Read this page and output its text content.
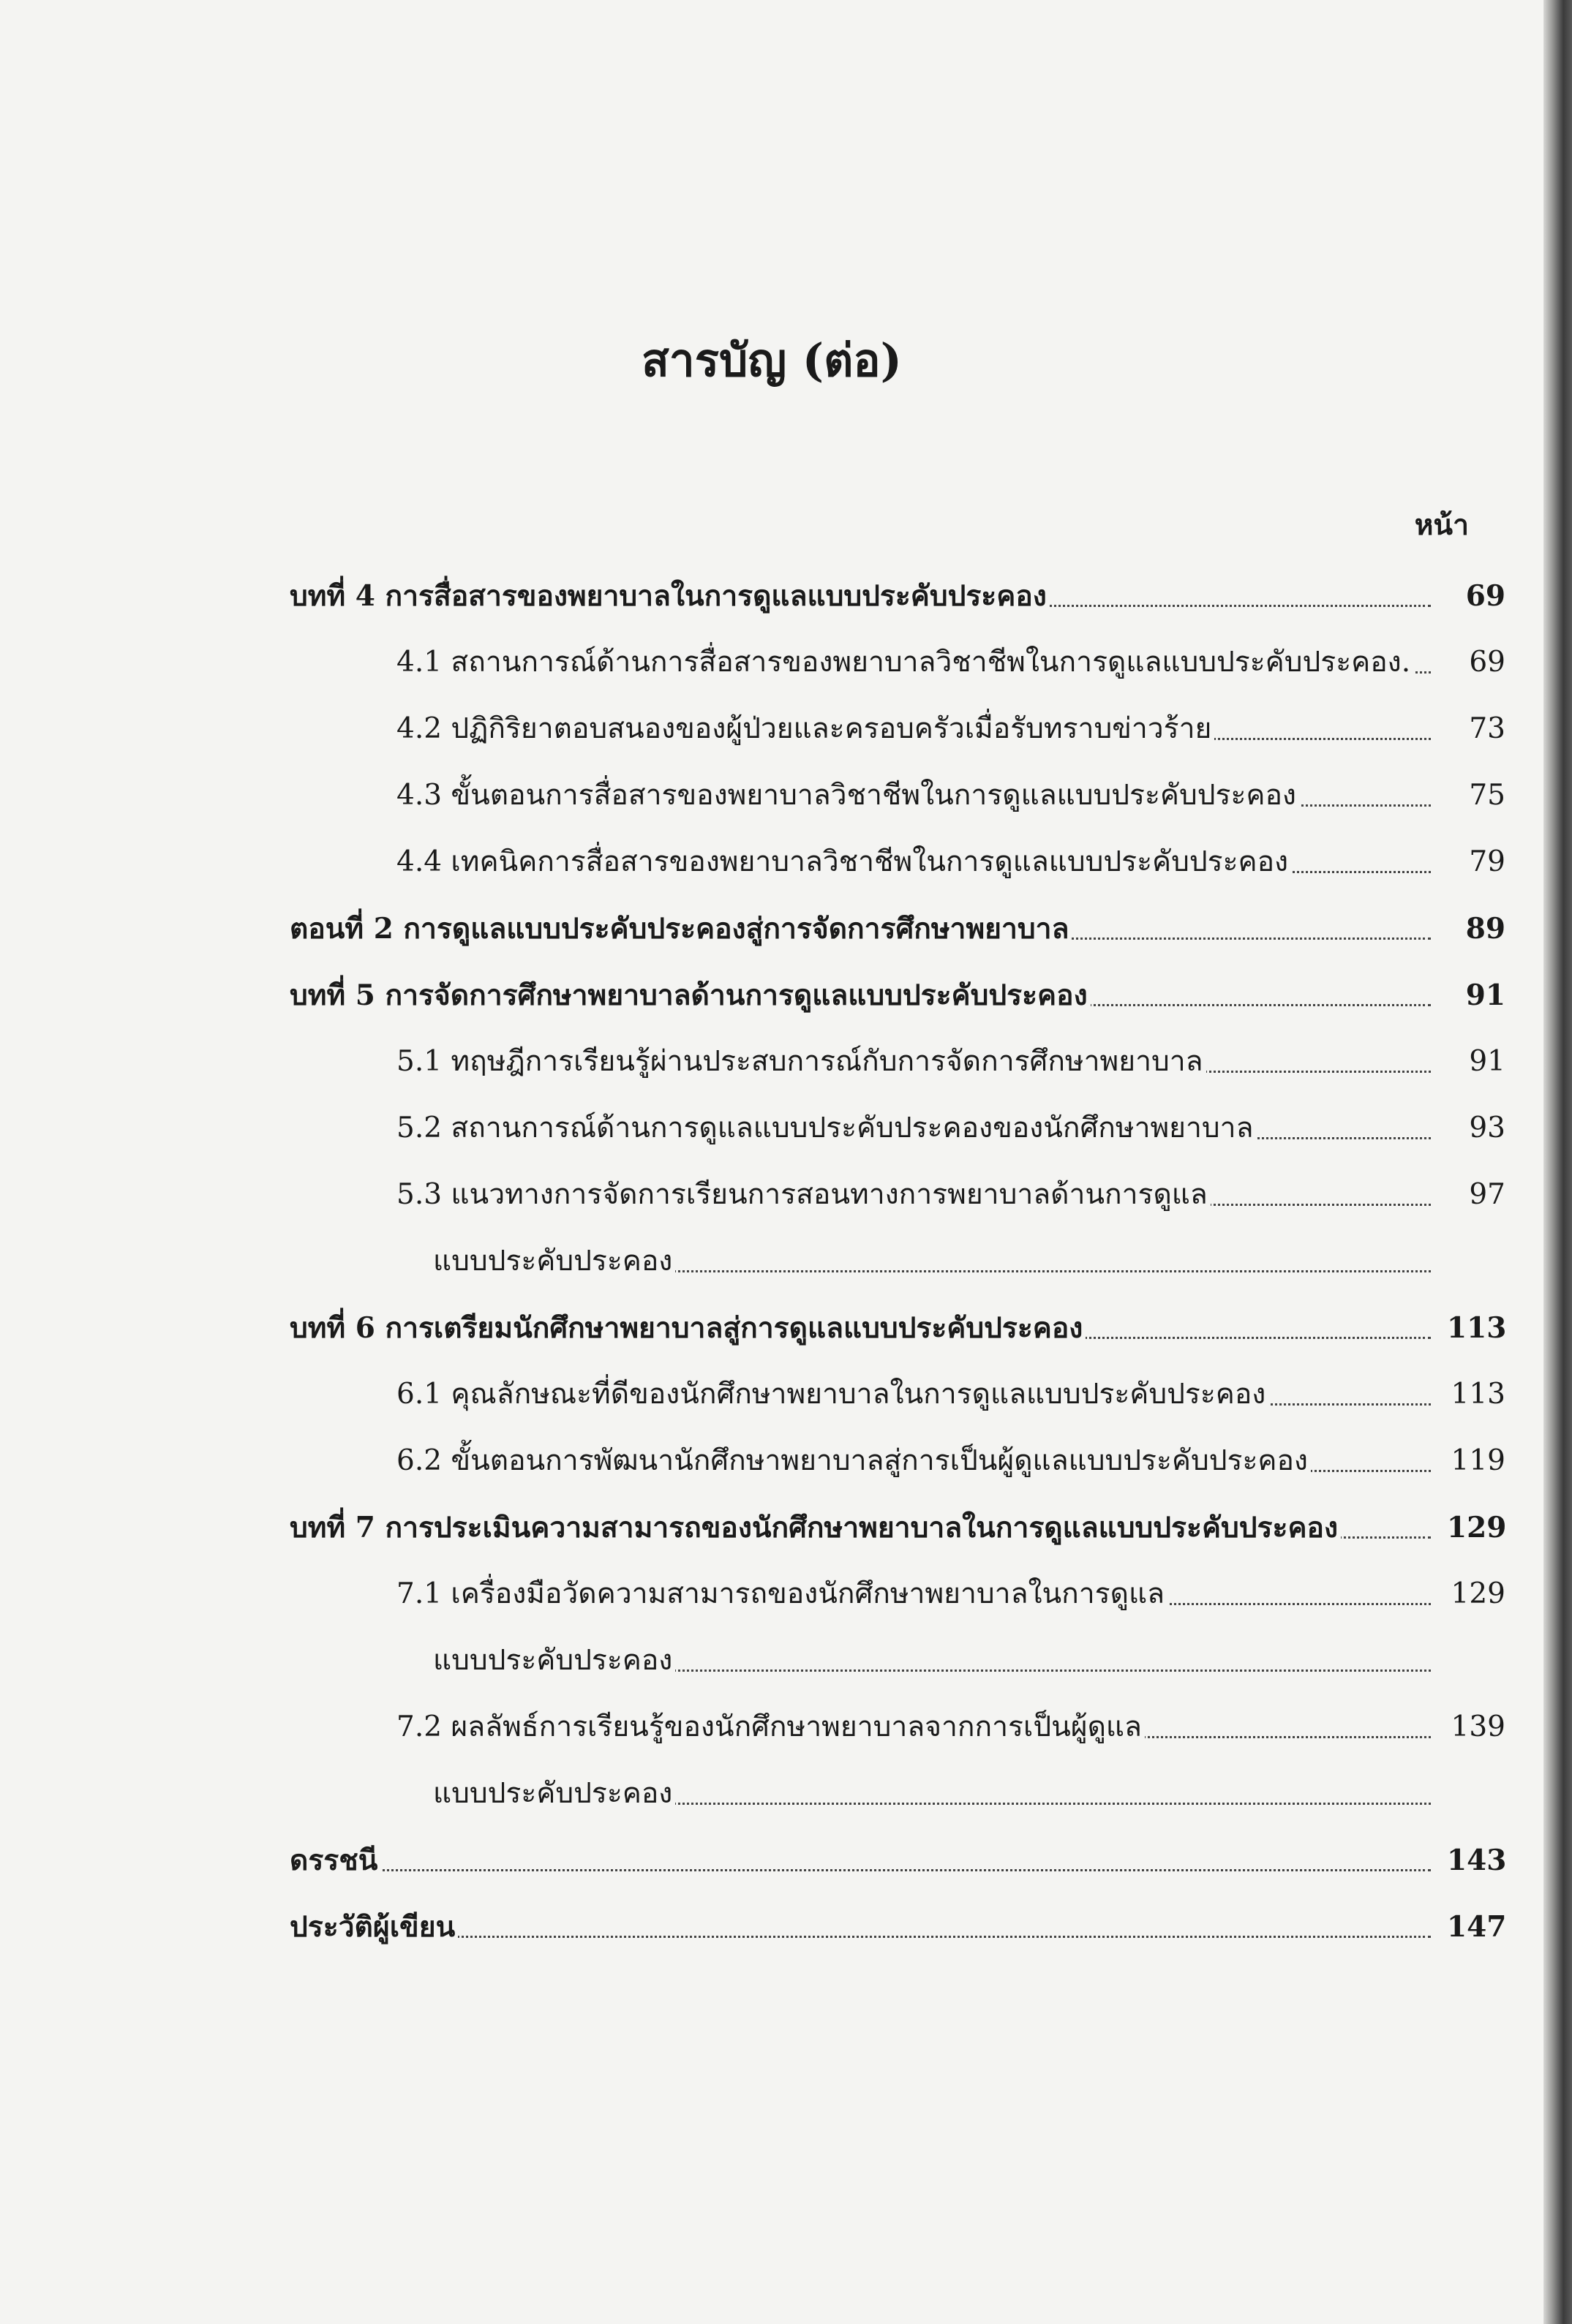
สารบัญ (ต่อ)
หน้า
บทที่ 4 การสื่อสารของพยาบาลในการดูแลแบบประคับประคอง	69
4.1 สถานการณ์ด้านการสื่อสารของพยาบาลวิชาชีพในการดูแลแบบประคับประคอง.	69
4.2 ปฏิกิริยาตอบสนองของผู้ป่วยและครอบครัวเมื่อรับทราบข่าวร้าย	73
4.3 ขั้นตอนการสื่อสารของพยาบาลวิชาชีพในการดูแลแบบประคับประคอง	75
4.4 เทคนิคการสื่อสารของพยาบาลวิชาชีพในการดูแลแบบประคับประคอง	79
ตอนที่ 2 การดูแลแบบประคับประคองสู่การจัดการศึกษาพยาบาล	89
บทที่ 5 การจัดการศึกษาพยาบาลด้านการดูแลแบบประคับประคอง	91
5.1 ทฤษฎีการเรียนรู้ผ่านประสบการณ์กับการจัดการศึกษาพยาบาล	91
5.2 สถานการณ์ด้านการดูแลแบบประคับประคองของนักศึกษาพยาบาล	93
5.3 แนวทางการจัดการเรียนการสอนทางการพยาบาลด้านการดูแล	97
แบบประคับประคอง
บทที่ 6 การเตรียมนักศึกษาพยาบาลสู่การดูแลแบบประคับประคอง	113
6.1 คุณลักษณะที่ดีของนักศึกษาพยาบาลในการดูแลแบบประคับประคอง	113
6.2 ขั้นตอนการพัฒนานักศึกษาพยาบาลสู่การเป็นผู้ดูแลแบบประคับประคอง	119
บทที่ 7 การประเมินความสามารถของนักศึกษาพยาบาลในการดูแลแบบประคับประคอง	129
7.1 เครื่องมือวัดความสามารถของนักศึกษาพยาบาลในการดูแล	129
แบบประคับประคอง
7.2 ผลลัพธ์การเรียนรู้ของนักศึกษาพยาบาลจากการเป็นผู้ดูแล	139
แบบประคับประคอง
ดรรชนี	143
ประวัติผู้เขียน	147
